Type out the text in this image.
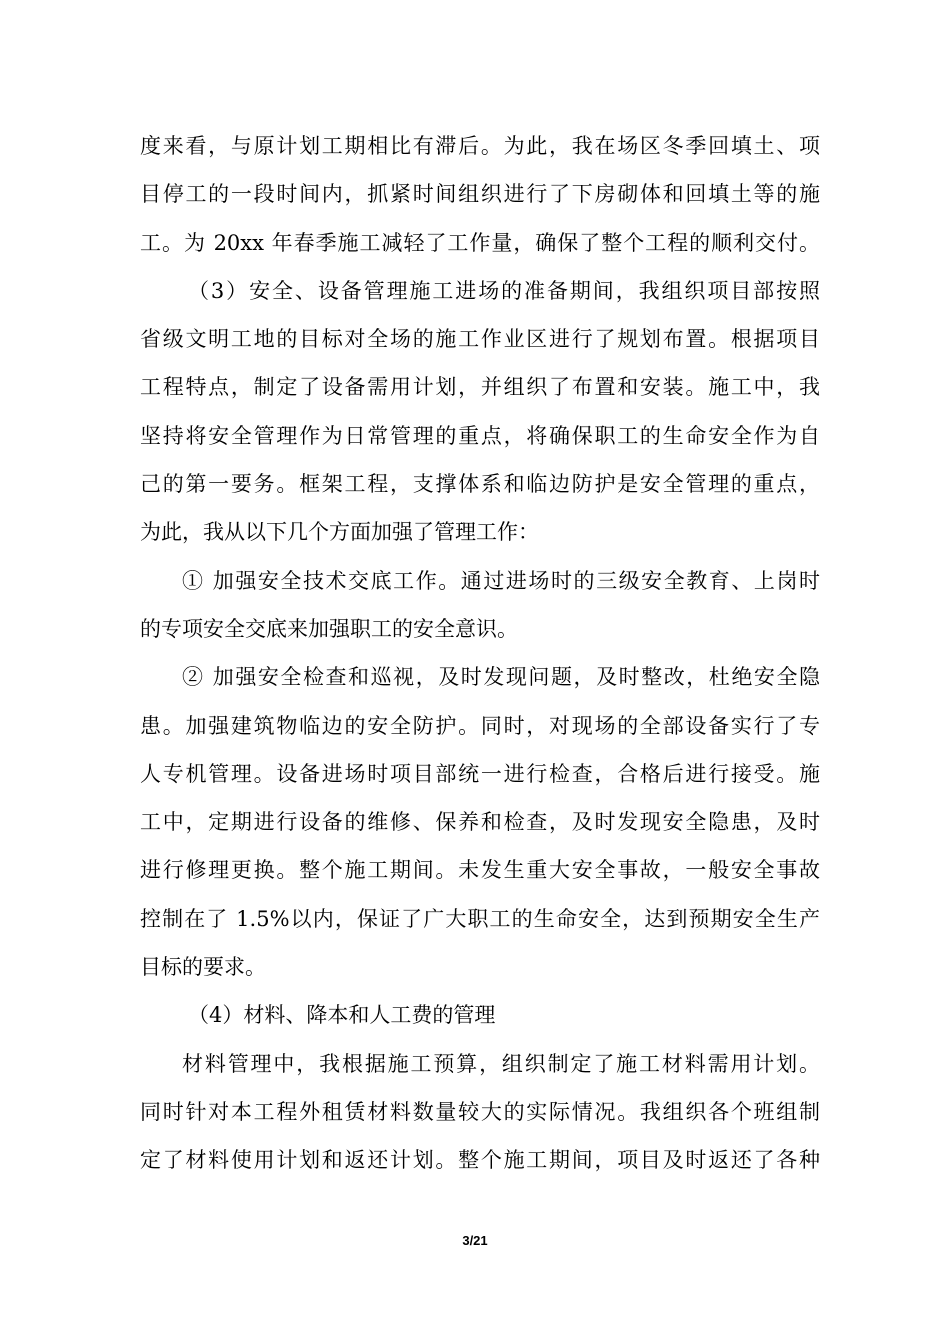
度来看，与原计划工期相比有滞后。为此，我在场区冬季回填土、项
目停工的一段时间内，抓紧时间组织进行了下房砌体和回填土等的施
工。为 20xx 年春季施工减轻了工作量，确保了整个工程的顺利交付。
（3）安全、设备管理施工进场的准备期间，我组织项目部按照
省级文明工地的目标对全场的施工作业区进行了规划布置。根据项目
工程特点，制定了设备需用计划，并组织了布置和安装。施工中，我
坚持将安全管理作为日常管理的重点，将确保职工的生命安全作为自
己的第一要务。框架工程，支撑体系和临边防护是安全管理的重点，
为此，我从以下几个方面加强了管理工作：
① 加强安全技术交底工作。通过进场时的三级安全教育、上岗时
的专项安全交底来加强职工的安全意识。
② 加强安全检查和巡视，及时发现问题，及时整改，杜绝安全隐
患。加强建筑物临边的安全防护。同时，对现场的全部设备实行了专
人专机管理。设备进场时项目部统一进行检查，合格后进行接受。施
工中，定期进行设备的维修、保养和检查，及时发现安全隐患，及时
进行修理更换。整个施工期间。未发生重大安全事故，一般安全事故
控制在了 1.5%以内，保证了广大职工的生命安全，达到预期安全生产
目标的要求。
（4）材料、降本和人工费的管理
材料管理中，我根据施工预算，组织制定了施工材料需用计划。
同时针对本工程外租赁材料数量较大的实际情况。我组织各个班组制
定了材料使用计划和返还计划。整个施工期间，项目及时返还了各种
3/21
